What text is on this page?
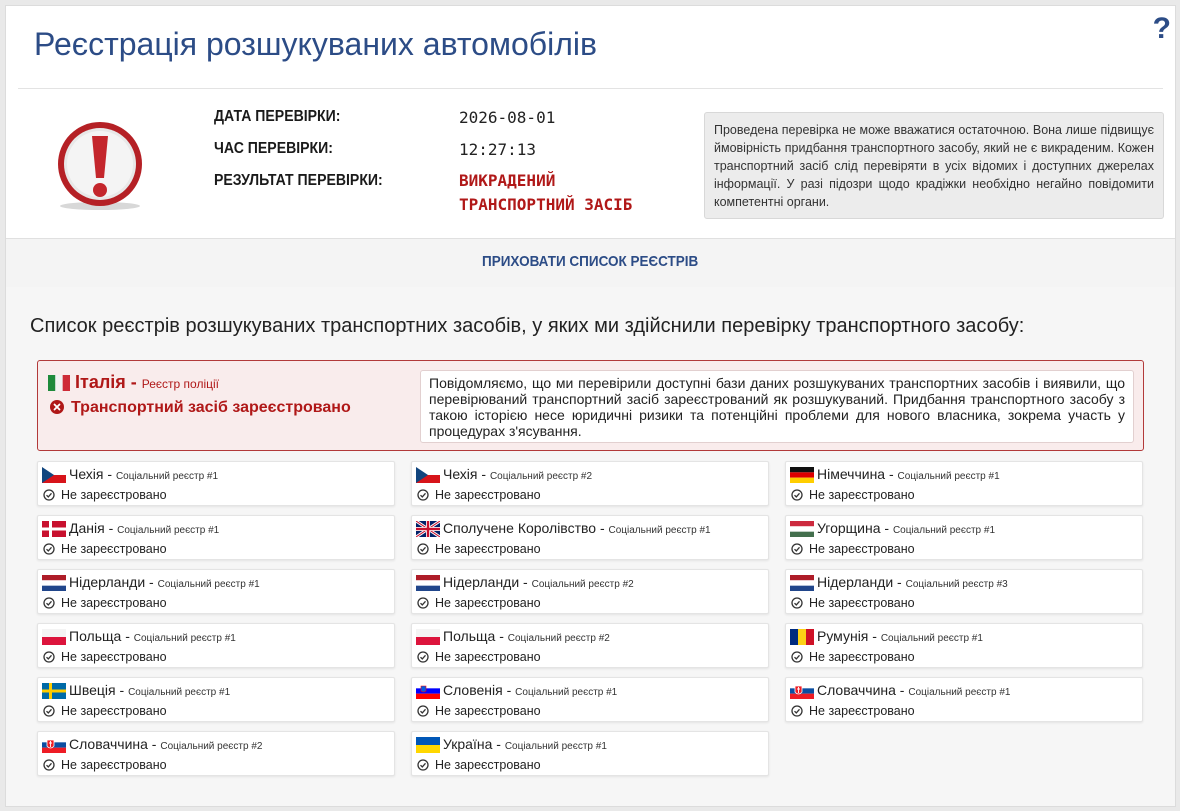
Реєстрація розшукуваних автомобілів	?
ДАТА ПЕРЕВІРКИ:	2026-08-01
ЧАС ПЕРЕВІРКИ:	12:27:13
РЕЗУЛЬТАТ ПЕРЕВІРКИ:	ВИКРАДЕНИЙ
ТРАНСПОРТНИЙ ЗАСІБ
Проведена перевірка не може вважатися остаточною. Вона лише підвищує ймовірність придбання транспортного засобу, який не є викраденим. Кожен транспортний засіб слід перевіряти в усіх відомих і доступних джерелах інформації. У разі підозри щодо крадіжки необхідно негайно повідомити компетентні органи.
ПРИХОВАТИ СПИСОК РЕЄСТРІВ
Список реєстрів розшукуваних транспортних засобів, у яких ми здійснили перевірку транспортного засобу:
Італія - Реєстр поліції
Транспортний засіб зареєстровано
Повідомляємо, що ми перевірили доступні бази даних розшукуваних транспортних засобів і виявили, що перевірюваний транспортний засіб зареєстрований як розшукуваний. Придбання транспортного засобу з такою історією несе юридичні ризики та потенційні проблеми для нового власника, зокрема участь у процедурах з'ясування.
Чехія - Соціальний реєстр #1
Не зареєстровано
Чехія - Соціальний реєстр #2
Не зареєстровано
Німеччина - Соціальний реєстр #1
Не зареєстровано
Данія - Соціальний реєстр #1
Не зареєстровано
Сполучене Королівство - Соціальний реєстр #1
Не зареєстровано
Угорщина - Соціальний реєстр #1
Не зареєстровано
Нідерланди - Соціальний реєстр #1
Не зареєстровано
Нідерланди - Соціальний реєстр #2
Не зареєстровано
Нідерланди - Соціальний реєстр #3
Не зареєстровано
Польща - Соціальний реєстр #1
Не зареєстровано
Польща - Соціальний реєстр #2
Не зареєстровано
Румунія - Соціальний реєстр #1
Не зареєстровано
Швеція - Соціальний реєстр #1
Не зареєстровано
Словенія - Соціальний реєстр #1
Не зареєстровано
Словаччина - Соціальний реєстр #1
Не зареєстровано
Словаччина - Соціальний реєстр #2
Не зареєстровано
Україна - Соціальний реєстр #1
Не зареєстровано
